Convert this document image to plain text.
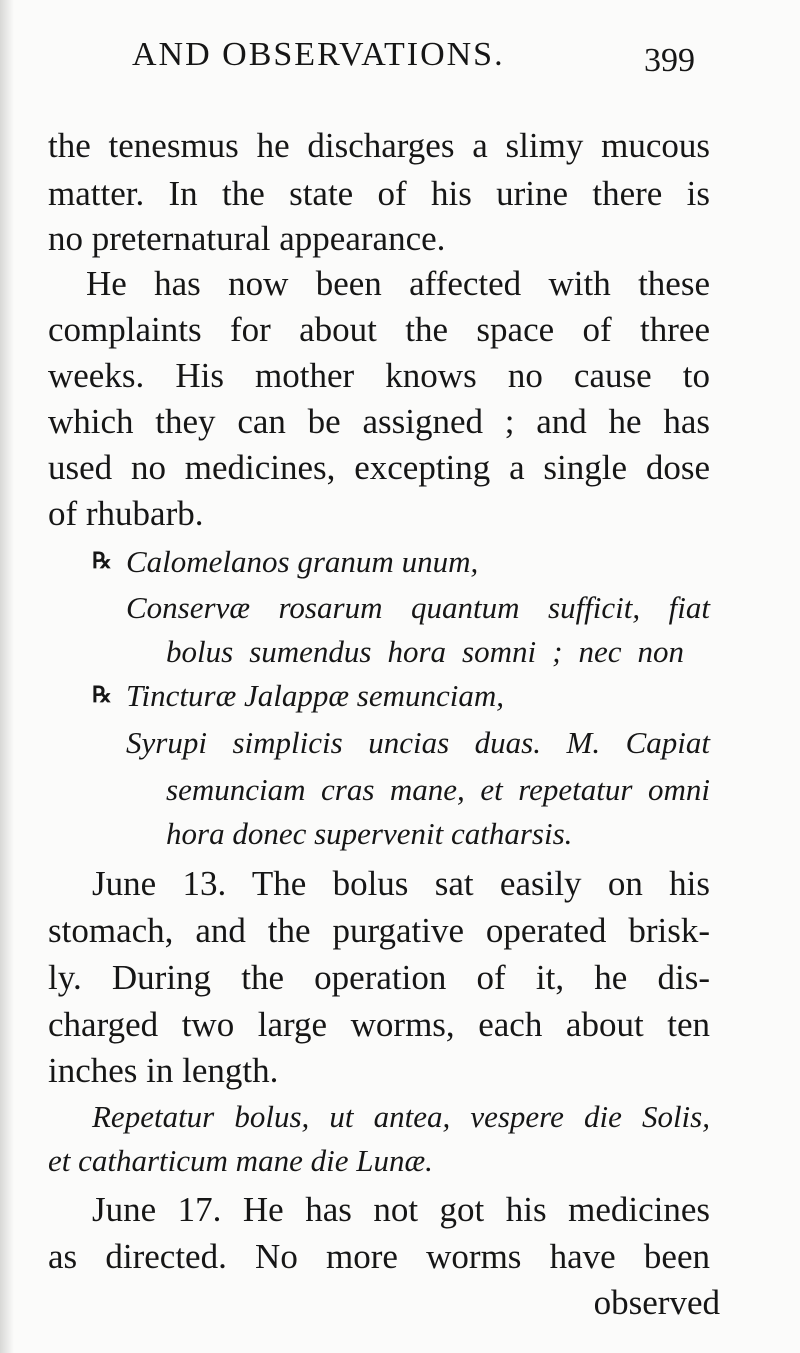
AND OBSERVATIONS.	399
the tenesmus he discharges a slimy mucous
matter. In the state of his urine there is
no preternatural appearance.
He has now been affected with these
complaints for about the space of three
weeks. His mother knows no cause to
which they can be assigned ; and he has
used no medicines, excepting a single dose
of rhubarb.
℞ Calomelanos granum unum,
Conservæ rosarum quantum sufficit, fiat
bolus sumendus hora somni ; nec non
℞ Tincturæ Jalappæ semunciam,
Syrupi simplicis uncias duas. M. Capiat
semunciam cras mane, et repetatur omni
hora donec supervenit catharsis.
June 13. The bolus sat easily on his
stomach, and the purgative operated brisk-
ly. During the operation of it, he dis-
charged two large worms, each about ten
inches in length.
Repetatur bolus, ut antea, vespere die Solis,
et catharticum mane die Lunæ.
June 17. He has not got his medicines
as directed. No more worms have been
observed
